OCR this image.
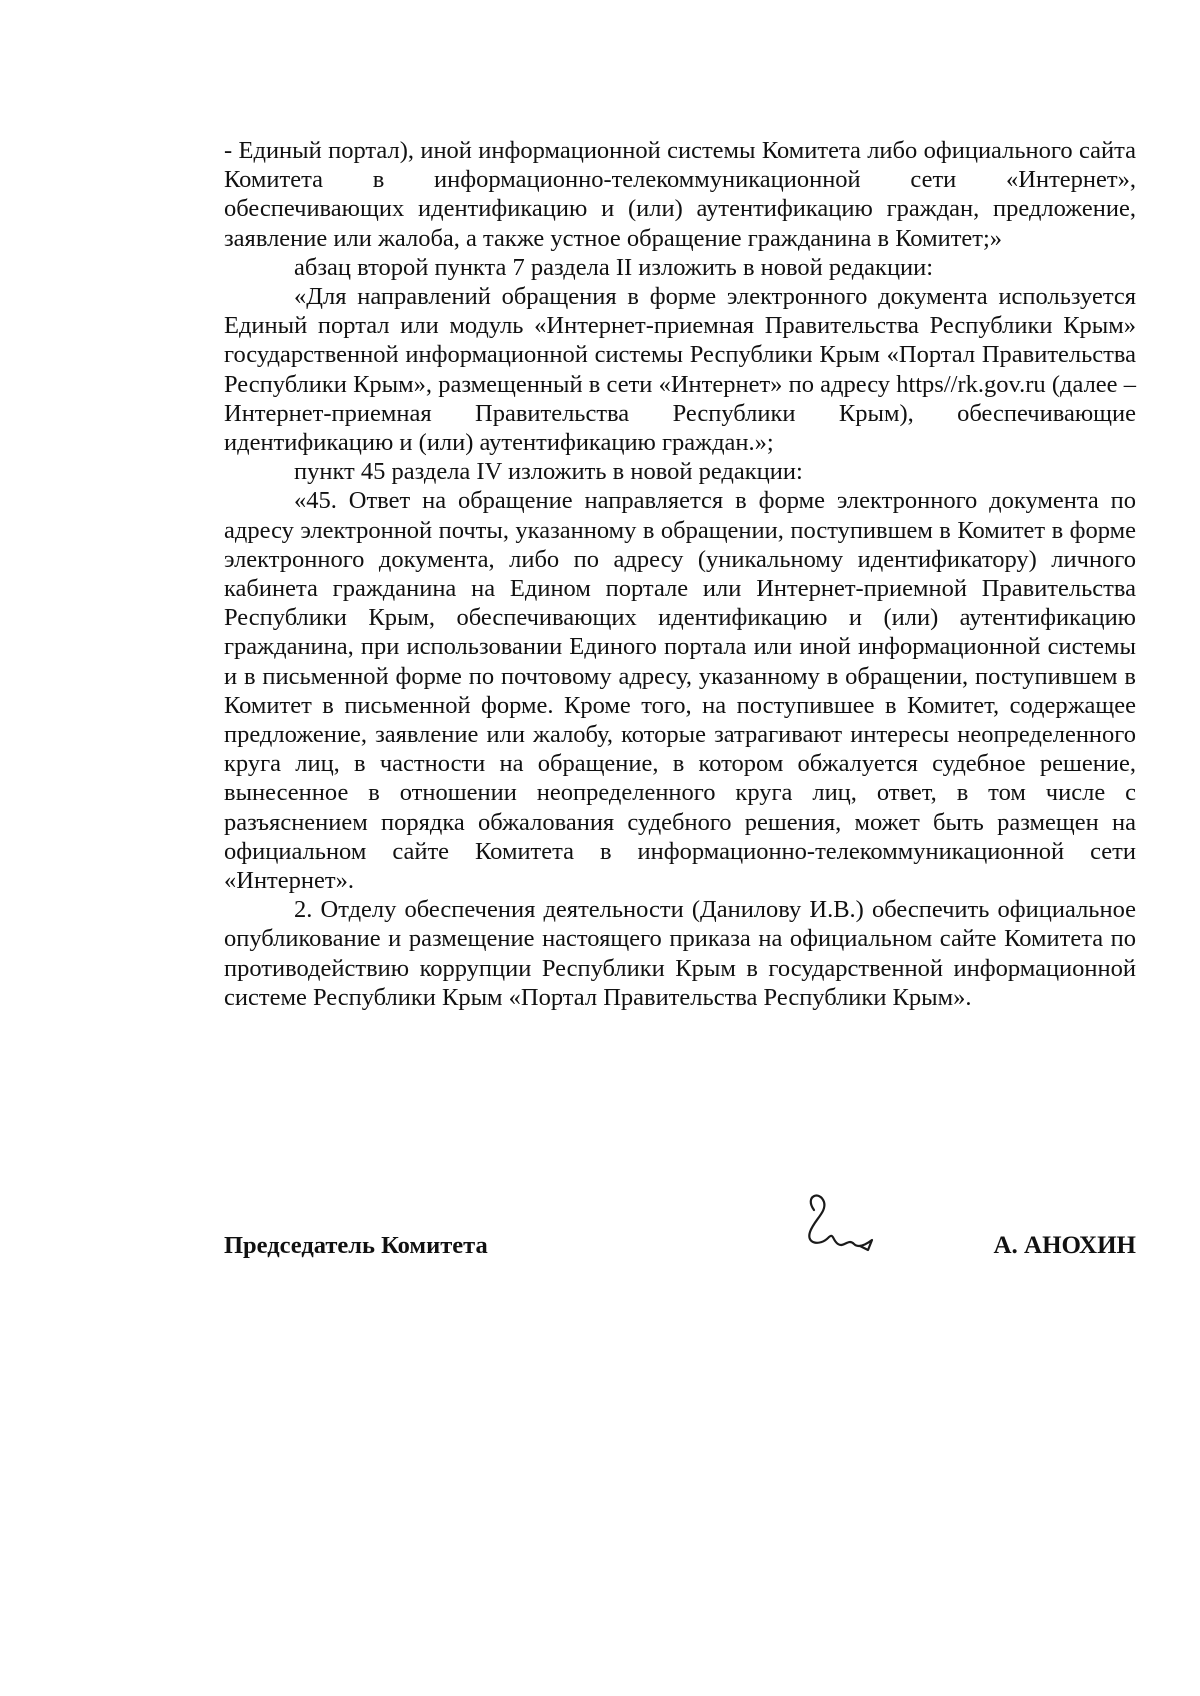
- Единый портал), иной информационной системы Комитета либо официального сайта Комитета в информационно-телекоммуникационной сети «Интернет», обеспечивающих идентификацию и (или) аутентификацию граждан, предложение, заявление или жалоба, а также устное обращение гражданина в Комитет;»

абзац второй пункта 7 раздела II изложить в новой редакции:

«Для направлений обращения в форме электронного документа используется Единый портал или модуль «Интернет-приемная Правительства Республики Крым» государственной информационной системы Республики Крым «Портал Правительства Республики Крым», размещенный в сети «Интернет» по адресу https//rk.gov.ru (далее – Интернет-приемная Правительства Республики Крым), обеспечивающие идентификацию и (или) аутентификацию граждан.»;

пункт 45 раздела IV изложить в новой редакции:

«45. Ответ на обращение направляется в форме электронного документа по адресу электронной почты, указанному в обращении, поступившем в Комитет в форме электронного документа, либо по адресу (уникальному идентификатору) личного кабинета гражданина на Едином портале или Интернет-приемной Правительства Республики Крым, обеспечивающих идентификацию и (или) аутентификацию гражданина, при использовании Единого портала или иной информационной системы и в письменной форме по почтовому адресу, указанному в обращении, поступившем в Комитет в письменной форме. Кроме того, на поступившее в Комитет, содержащее предложение, заявление или жалобу, которые затрагивают интересы неопределенного круга лиц, в частности на обращение, в котором обжалуется судебное решение, вынесенное в отношении неопределенного круга лиц, ответ, в том числе с разъяснением порядка обжалования судебного решения, может быть размещен на официальном сайте Комитета в информационно-телекоммуникационной сети «Интернет».

2. Отделу обеспечения деятельности (Данилову И.В.) обеспечить официальное опубликование и размещение настоящего приказа на официальном сайте Комитета по противодействию коррупции Республики Крым в государственной информационной системе Республики Крым «Портал Правительства Республики Крым».

Председатель Комитета	А. АНОХИН
